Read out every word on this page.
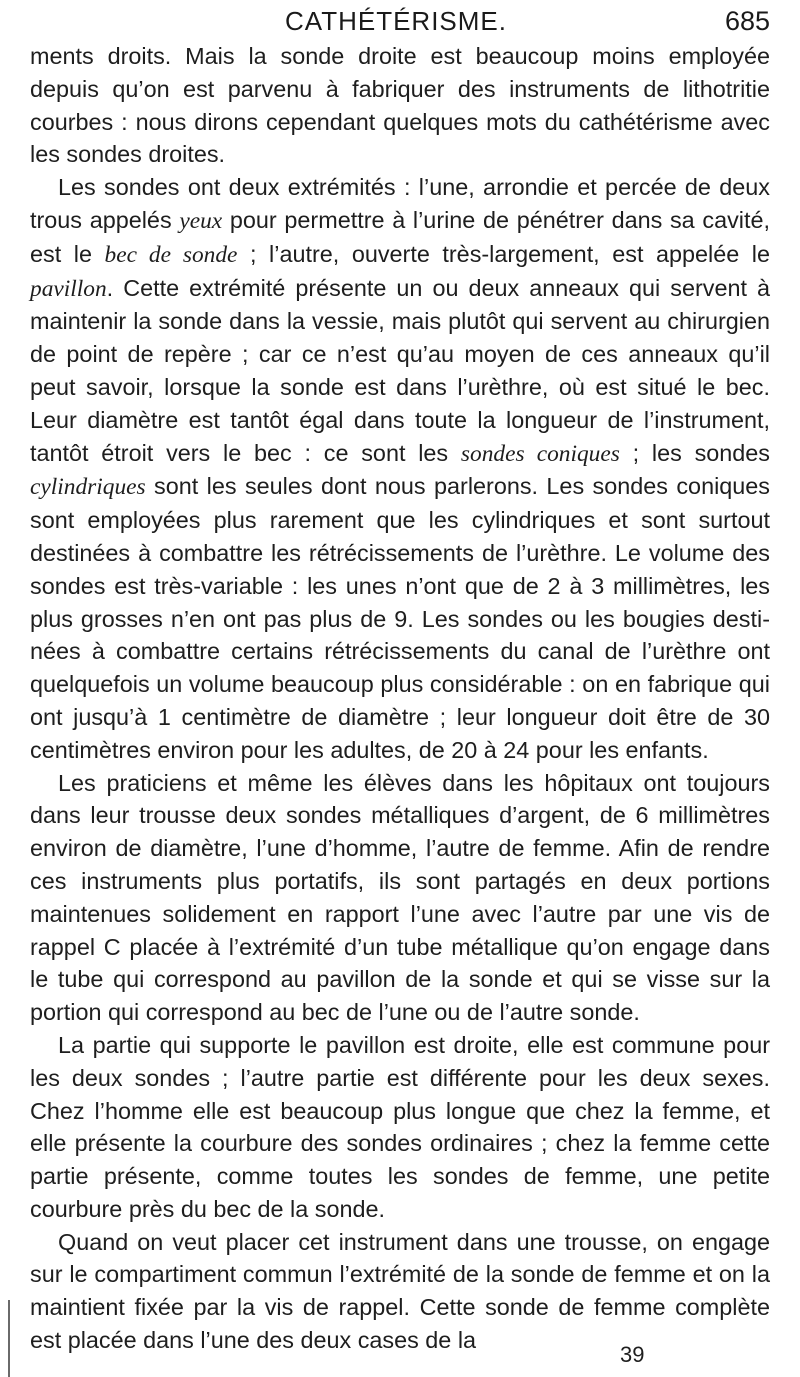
CATHÉTÉRISME.	685

ments droits. Mais la sonde droite est beaucoup moins employée depuis qu’on est parvenu à fabriquer des instruments de lithotritie courbes : nous dirons cependant quelques mots du cathétérisme avec les sondes droites.

Les sondes ont deux extrémités : l’une, arrondie et percée de deux trous appelés yeux pour permettre à l’urine de pénétrer dans sa cavité, est le bec de sonde ; l’autre, ouverte très-largement, est appelée le pavillon. Cette extrémité présente un ou deux anneaux qui servent à maintenir la sonde dans la vessie, mais plutôt qui servent au chirurgien de point de repère ; car ce n’est qu’au moyen de ces anneaux qu’il peut savoir, lorsque la sonde est dans l’urèthre, où est situé le bec. Leur diamètre est tantôt égal dans toute la longueur de l’instrument, tantôt étroit vers le bec : ce sont les sondes coniques ; les sondes cylindriques sont les seules dont nous parlerons. Les sondes coniques sont employées plus rarement que les cylindriques et sont surtout destinées à combattre les rétrécissements de l’urèthre. Le volume des sondes est très-variable : les unes n’ont que de 2 à 3 millimètres, les plus grosses n’en ont pas plus de 9. Les sondes ou les bougies destinées à combattre certains rétrécissements du canal de l’urèthre ont quelquefois un volume beaucoup plus considérable : on en fabrique qui ont jusqu’à 1 centimètre de diamètre ; leur longueur doit être de 30 centimètres environ pour les adultes, de 20 à 24 pour les enfants.

Les praticiens et même les élèves dans les hôpitaux ont toujours dans leur trousse deux sondes métalliques d’argent, de 6 millimètres environ de diamètre, l’une d’homme, l’autre de femme. Afin de rendre ces instruments plus portatifs, ils sont partagés en deux portions maintenues solidement en rapport l’une avec l’autre par une vis de rappel C placée à l’extrémité d’un tube métallique qu’on engage dans le tube qui correspond au pavillon de la sonde et qui se visse sur la portion qui correspond au bec de l’une ou de l’autre sonde.

La partie qui supporte le pavillon est droite, elle est commune pour les deux sondes ; l’autre partie est différente pour les deux sexes. Chez l’homme elle est beaucoup plus longue que chez la femme, et elle présente la courbure des sondes ordinaires ; chez la femme cette partie présente, comme toutes les sondes de femme, une petite courbure près du bec de la sonde.

Quand on veut placer cet instrument dans une trousse, on engage sur le compartiment commun l’extrémité de la sonde de femme et on la maintient fixée par la vis de rappel. Cette sonde de femme complète est placée dans l’une des deux cases de la

39
